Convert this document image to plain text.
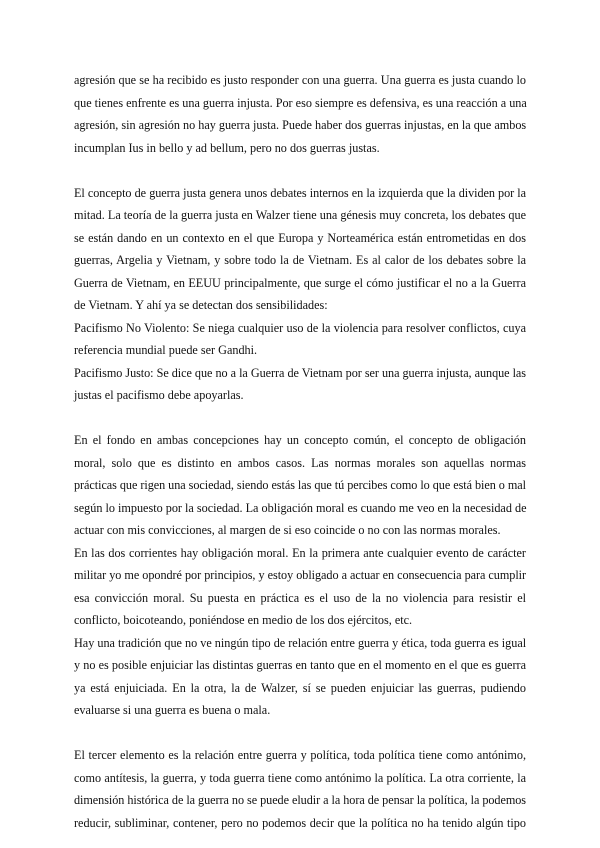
agresión que se ha recibido es justo responder con una guerra. Una guerra es justa cuando lo
que tienes enfrente es una guerra injusta. Por eso siempre es defensiva, es una reacción a una
agresión, sin agresión no hay guerra justa. Puede haber dos guerras injustas, en la que ambos
incumplan Ius in bello y ad bellum, pero no dos guerras justas.
El concepto de guerra justa genera unos debates internos en la izquierda que la dividen por la
mitad. La teoría de la guerra justa en Walzer tiene una génesis muy concreta, los debates que
se están dando en un contexto en el que Europa y Norteamérica están entrometidas en dos
guerras, Argelia y Vietnam, y sobre todo la de Vietnam. Es al calor de los debates sobre la
Guerra de Vietnam, en EEUU principalmente, que surge el cómo justificar el no a la Guerra
de Vietnam. Y ahí ya se detectan dos sensibilidades:
Pacifismo No Violento: Se niega cualquier uso de la violencia para resolver conflictos, cuya
referencia mundial puede ser Gandhi.
Pacifismo Justo: Se dice que no a la Guerra de Vietnam por ser una guerra injusta, aunque las
justas el pacifismo debe apoyarlas.
En el fondo en ambas concepciones hay un concepto común, el concepto de obligación
moral, solo que es distinto en ambos casos. Las normas morales son aquellas normas
prácticas que rigen una sociedad, siendo estás las que tú percibes como lo que está bien o mal
según lo impuesto por la sociedad. La obligación moral es cuando me veo en la necesidad de
actuar con mis convicciones, al margen de si eso coincide o no con las normas morales.
En las dos corrientes hay obligación moral. En la primera ante cualquier evento de carácter
militar yo me opondré por principios, y estoy obligado a actuar en consecuencia para cumplir
esa convicción moral. Su puesta en práctica es el uso de la no violencia para resistir el
conflicto, boicoteando, poniéndose en medio de los dos ejércitos, etc.
Hay una tradición que no ve ningún tipo de relación entre guerra y ética, toda guerra es igual
y no es posible enjuiciar las distintas guerras en tanto que en el momento en el que es guerra
ya está enjuiciada. En la otra, la de Walzer, sí se pueden enjuiciar las guerras, pudiendo
evaluarse si una guerra es buena o mala.
El tercer elemento es la relación entre guerra y política, toda política tiene como antónimo,
como antítesis, la guerra, y toda guerra tiene como antónimo la política. La otra corriente, la
dimensión histórica de la guerra no se puede eludir a la hora de pensar la política, la podemos
reducir, subliminar, contener, pero no podemos decir que la política no ha tenido algún tipo
